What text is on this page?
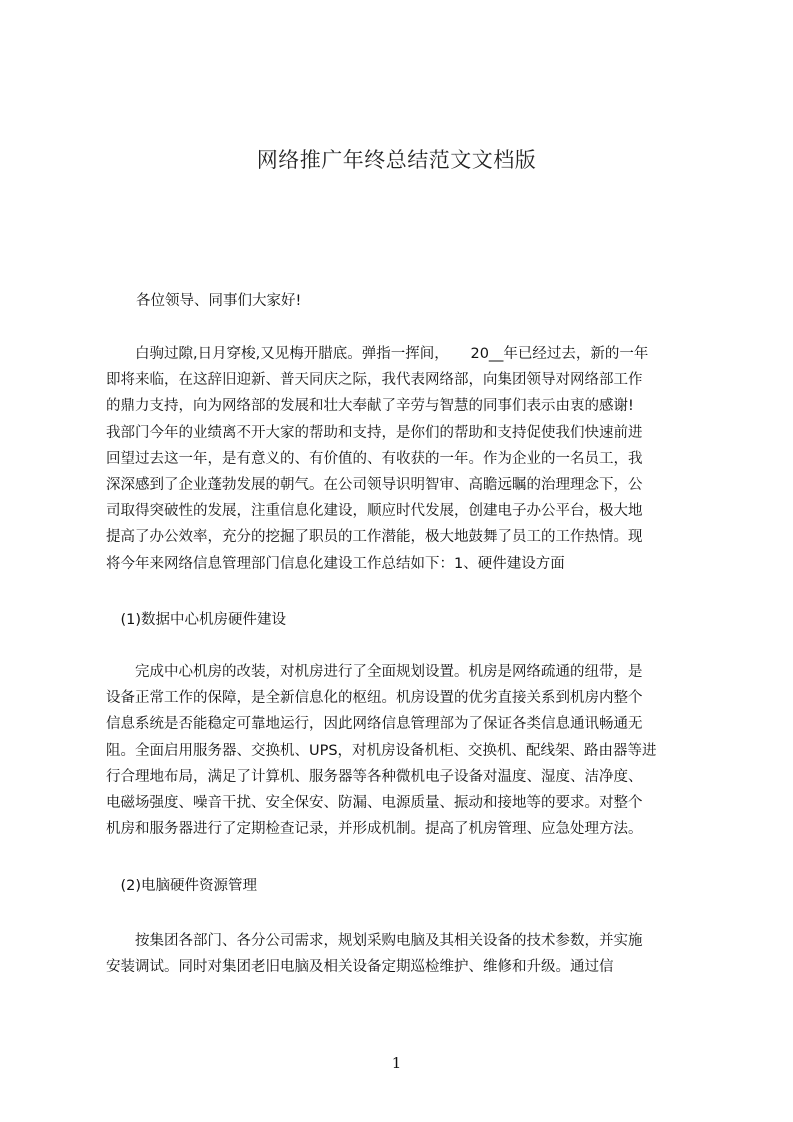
网络推广年终总结范文文档版
各位领导、同事们大家好!
　　白驹过隙,日月穿梭,又见梅开腊底。弹指一挥间，　　20__年已经过去，新的一年
即将来临，在这辞旧迎新、普天同庆之际，我代表网络部，向集团领导对网络部工作
的鼎力支持，向为网络部的发展和壮大奉献了辛劳与智慧的同事们表示由衷的感谢!
我部门今年的业绩离不开大家的帮助和支持，是你们的帮助和支持促使我们快速前进
回望过去这一年，是有意义的、有价值的、有收获的一年。作为企业的一名员工，我
深深感到了企业蓬勃发展的朝气。在公司领导识明智审、高瞻远瞩的治理理念下，公
司取得突破性的发展，注重信息化建设，顺应时代发展，创建电子办公平台，极大地
提高了办公效率，充分的挖掘了职员的工作潜能，极大地鼓舞了员工的工作热情。现
将今年来网络信息管理部门信息化建设工作总结如下：1、硬件建设方面
　(1)数据中心机房硬件建设
　　完成中心机房的改装，对机房进行了全面规划设置。机房是网络疏通的纽带，是
设备正常工作的保障，是全新信息化的枢纽。机房设置的优劣直接关系到机房内整个
信息系统是否能稳定可靠地运行，因此网络信息管理部为了保证各类信息通讯畅通无
阻。全面启用服务器、交换机、UPS，对机房设备机柜、交换机、配线架、路由器等进
行合理地布局，满足了计算机、服务器等各种微机电子设备对温度、湿度、洁净度、
电磁场强度、噪音干扰、安全保安、防漏、电源质量、振动和接地等的要求。对整个
机房和服务器进行了定期检查记录，并形成机制。提高了机房管理、应急处理方法。
　(2)电脑硬件资源管理
　　按集团各部门、各分公司需求，规划采购电脑及其相关设备的技术参数，并实施
安装调试。同时对集团老旧电脑及相关设备定期巡检维护、维修和升级。通过信
1
